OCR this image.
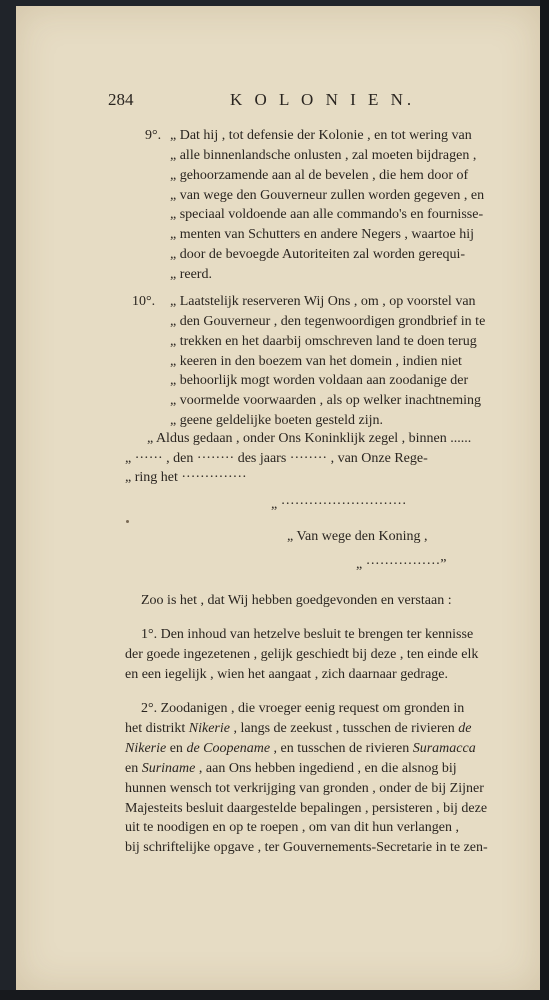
284	K O L O N I E N.
9°. „ Dat hij , tot defensie der Kolonie , en tot wering van
„ alle binnenlandsche onlusten , zal moeten bijdragen ,
„ gehoorzamende aan al de bevelen , die hem door of
„ van wege den Gouverneur zullen worden gegeven , en
„ speciaal voldoende aan alle commando's en fournisse-
„ menten van Schutters en andere Negers , waartoe hij
„ door de bevoegde Autoriteiten zal worden gerequi-
„ reerd.
10°. „ Laatstelijk reserveren Wij Ons , om , op voorstel van
„ den Gouverneur , den tegenwoordigen grondbrief in te
„ trekken en het daarbij omschreven land te doen terug
„ keeren in den boezem van het domein , indien niet
„ behoorlijk mogt worden voldaan aan zoodanige der
„ voormelde voorwaarden , als op welker inachtneming
„ geene geldelijke boeten gesteld zijn.
„ Aldus gedaan , onder Ons Koninklijk zegel , binnen ......
„ ······ , den ········ des jaars ········ , van Onze Rege-
„ ring het ··············
„ ···························
„ Van wege den Koning ,
„ ················”
Zoo is het , dat Wij hebben goedgevonden en verstaan :
1°. Den inhoud van hetzelve besluit te brengen ter kennisse
der goede ingezetenen , gelijk geschiedt bij deze , ten einde elk
en een iegelijk , wien het aangaat , zich daarnaar gedrage.
2°. Zoodanigen , die vroeger eenig request om gronden in
het distrikt Nikerie , langs de zeekust , tusschen de rivieren de
Nikerie en de Coopename , en tusschen de rivieren Suramacca
en Suriname , aan Ons hebben ingediend , en die alsnog bij
hunnen wensch tot verkrijging van gronden , onder de bij Zijner
Majesteits besluit daargestelde bepalingen , persisteren , bij deze
uit te noodigen en op te roepen , om van dit hun verlangen ,
bij schriftelijke opgave , ter Gouvernements-Secretarie in te zen-
